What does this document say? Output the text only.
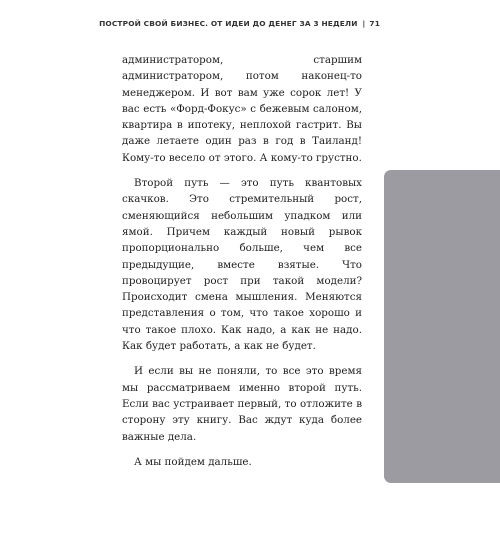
ПОСТРОЙ СВОЙ БИЗНЕС. ОТ ИДЕИ ДО ДЕНЕГ ЗА 3 НЕДЕЛИ | 71

администратором, старшим администратором, потом наконец-то менеджером. И вот вам уже сорок лет! У вас есть «Форд-Фокус» с бежевым салоном, квартира в ипотеку, неплохой гастрит. Вы даже летаете один раз в год в Таиланд! Кому-то весело от этого. А кому-то грустно.

Второй путь — это путь квантовых скачков. Это стремительный рост, сменяющийся небольшим упадком или ямой. Причем каждый новый рывок пропорционально больше, чем все предыдущие, вместе взятые. Что провоцирует рост при такой модели? Происходит смена мышления. Меняются представления о том, что такое хорошо и что такое плохо. Как надо, а как не надо. Как будет работать, а как не будет.

И если вы не поняли, то все это время мы рассматриваем именно второй путь. Если вас устраивает первый, то отложите в сторону эту книгу. Вас ждут куда более важные дела.

А мы пойдем дальше.

ЧТО ЖДЕТ ВАС НА ПУТИ К ДЕНЬГАМ
